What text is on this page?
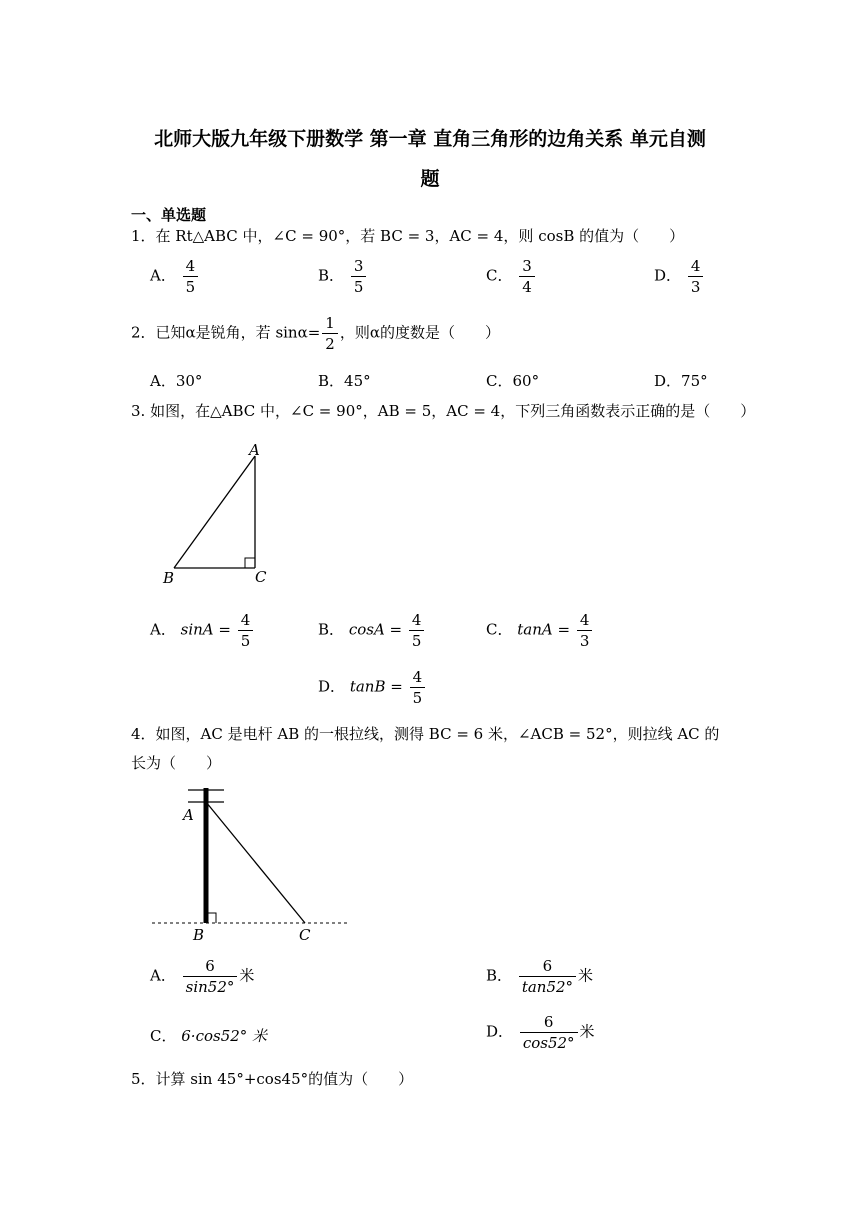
北师大版九年级下册数学 第一章 直角三角形的边角关系 单元自测
题
一、单选题
1．在 Rt△ABC 中，∠C = 90°，若 BC = 3，AC = 4，则 cosB 的值为（　　）
A． $\frac{4}{5}$	B． $\frac{3}{5}$	C． $\frac{3}{4}$	D． $\frac{4}{3}$
2．已知α是锐角，若 $\sin\alpha= \frac{1}{2}$ ，则α的度数是（　　）
A．30°	B．45°	C．60°	D．75°
3. 如图，在△ABC 中，∠C = 90°，AB = 5，AC = 4，下列三角函数表示正确的是（　　）
A
B	C
A． $\sin A = \frac{4}{5}$	B． $\cos A = \frac{4}{5}$	C． $\tan A = \frac{4}{3}$
D． $\tan B = \frac{4}{5}$
4．如图，AC 是电杆 AB 的一根拉线，测得 BC = 6 米，∠ACB = 52°，则拉线 AC 的
长为（　　）
A
B	C
A． $\frac{6}{\sin 52^\circ}$ 米	B． $\frac{6}{\tan 52^\circ}$ 米
C． 6·cos52° 米	D． $\frac{6}{\cos 52^\circ}$ 米
5．计算 sin 45°+cos45°的值为（　　）
